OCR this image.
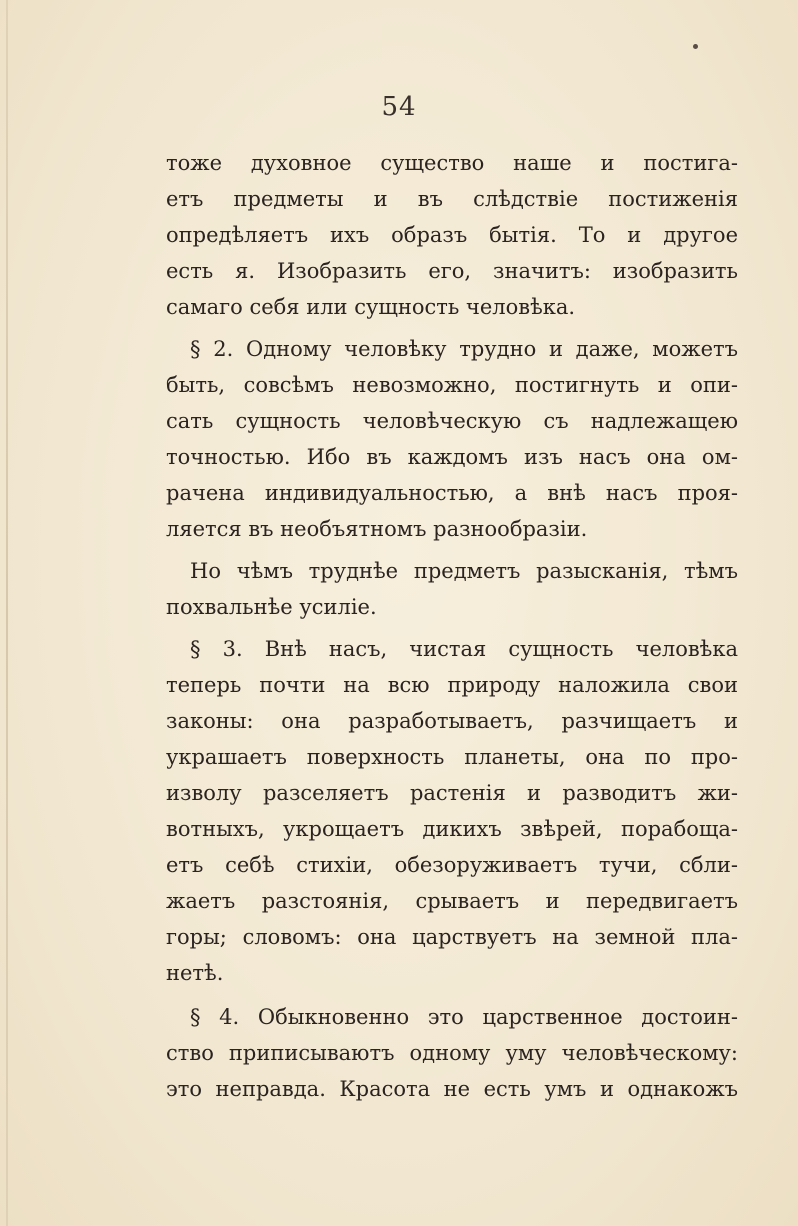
54
тоже духовное существо наше и постига-
етъ предметы и въ слѣдствіе постиженія
опредѣляетъ ихъ образъ бытія. То и другое
есть я. Изобразить его, значитъ: изобразить
самаго себя или сущность человѣка.
§ 2. Одному человѣку трудно и даже, можетъ
быть, совсѣмъ невозможно, постигнуть и опи-
сать сущность человѣческую съ надлежащею
точностью. Ибо въ каждомъ изъ насъ она ом-
рачена индивидуальностью, а внѣ насъ проя-
ляется въ необъятномъ разнообразіи.
Но чѣмъ труднѣе предметъ разысканія, тѣмъ
похвальнѣе усиліе.
§ 3. Внѣ насъ, чистая сущность человѣка
теперь почти на всю природу наложила свои
законы: она разработываетъ, разчищаетъ и
украшаетъ поверхность планеты, она по про-
изволу разселяетъ растенія и разводитъ жи-
вотныхъ, укрощаетъ дикихъ звѣрей, порабоща-
етъ себѣ стихіи, обезоруживаетъ тучи, сбли-
жаетъ разстоянія, срываетъ и передвигаетъ
горы; словомъ: она царствуетъ на земной пла-
нетѣ.
§ 4. Обыкновенно это царственное достоин-
ство приписываютъ одному уму человѣческому:
это неправда. Красота не есть умъ и однакожъ
